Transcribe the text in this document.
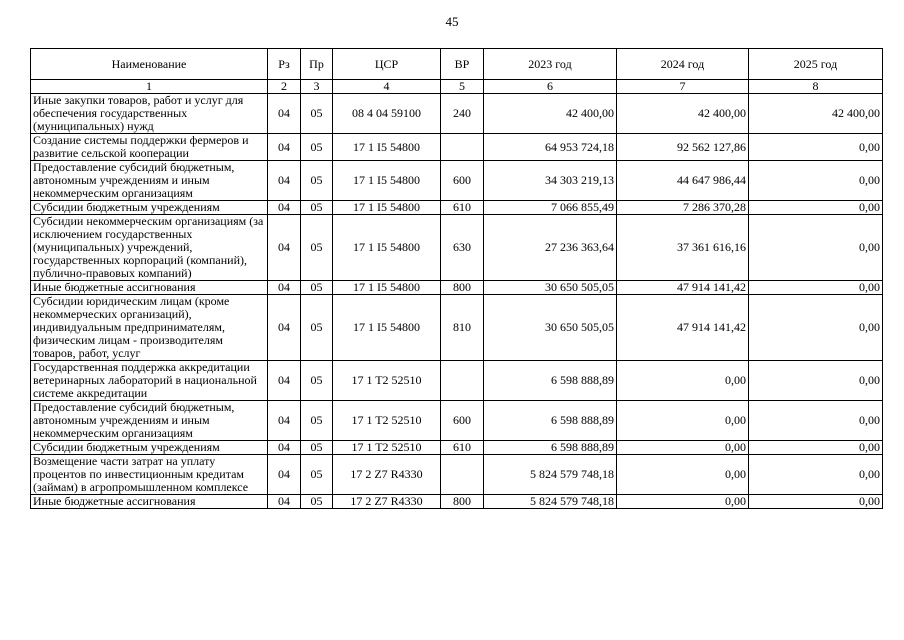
45
Наименование	Рз	Пр	ЦСР	ВР	2023 год	2024 год	2025 год
1	2	3	4	5	6	7	8
Иные закупки товаров, работ и услуг для обеспечения государственных (муниципальных) нужд	04	05	08 4 04 59100	240	42 400,00	42 400,00	42 400,00
Создание системы поддержки фермеров и развитие сельской кооперации	04	05	17 1 I5 54800		64 953 724,18	92 562 127,86	0,00
Предоставление субсидий бюджетным, автономным учреждениям и иным некоммерческим организациям	04	05	17 1 I5 54800	600	34 303 219,13	44 647 986,44	0,00
Субсидии бюджетным учреждениям	04	05	17 1 I5 54800	610	7 066 855,49	7 286 370,28	0,00
Субсидии некоммерческим организациям (за исключением государственных (муниципальных) учреждений, государственных корпораций (компаний), публично-правовых компаний)	04	05	17 1 I5 54800	630	27 236 363,64	37 361 616,16	0,00
Иные бюджетные ассигнования	04	05	17 1 I5 54800	800	30 650 505,05	47 914 141,42	0,00
Субсидии юридическим лицам (кроме некоммерческих организаций), индивидуальным предпринимателям, физическим лицам - производителям товаров, работ, услуг	04	05	17 1 I5 54800	810	30 650 505,05	47 914 141,42	0,00
Государственная поддержка аккредитации ветеринарных лабораторий в национальной системе аккредитации	04	05	17 1 T2 52510		6 598 888,89	0,00	0,00
Предоставление субсидий бюджетным, автономным учреждениям и иным некоммерческим организациям	04	05	17 1 T2 52510	600	6 598 888,89	0,00	0,00
Субсидии бюджетным учреждениям	04	05	17 1 T2 52510	610	6 598 888,89	0,00	0,00
Возмещение части затрат на уплату процентов по инвестиционным кредитам (займам) в агропромышленном комплексе	04	05	17 2 Z7 R4330		5 824 579 748,18	0,00	0,00
Иные бюджетные ассигнования	04	05	17 2 Z7 R4330	800	5 824 579 748,18	0,00	0,00
